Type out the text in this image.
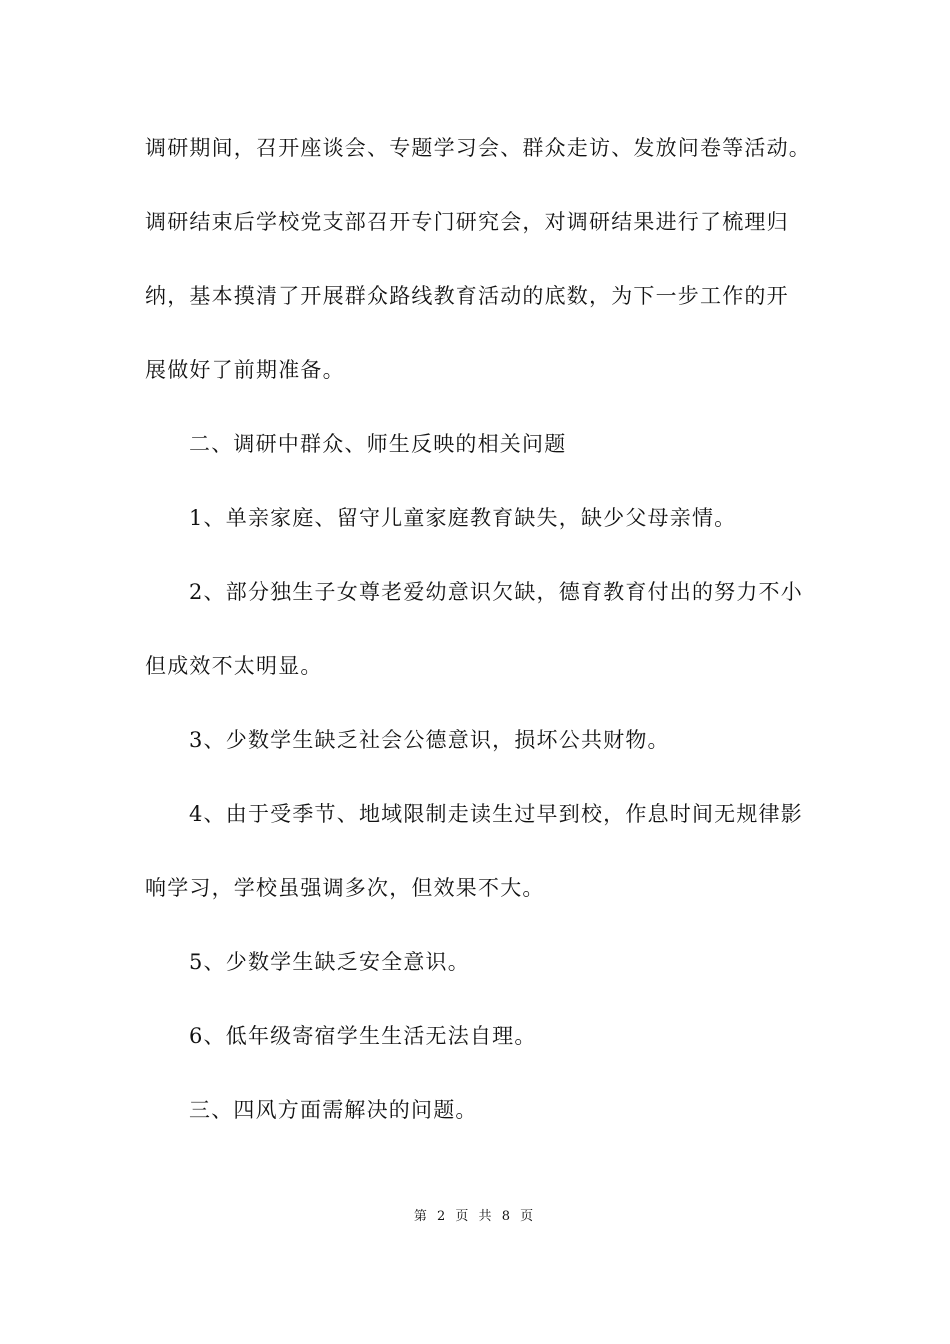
调研期间，召开座谈会、专题学习会、群众走访、发放问卷等活动。
调研结束后学校党支部召开专门研究会，对调研结果进行了梳理归
纳，基本摸清了开展群众路线教育活动的底数，为下一步工作的开
展做好了前期准备。
二、调研中群众、师生反映的相关问题
1、单亲家庭、留守儿童家庭教育缺失，缺少父母亲情。
2、部分独生子女尊老爱幼意识欠缺，德育教育付出的努力不小
但成效不太明显。
3、少数学生缺乏社会公德意识，损坏公共财物。
4、由于受季节、地域限制走读生过早到校，作息时间无规律影
响学习，学校虽强调多次，但效果不大。
5、少数学生缺乏安全意识。
6、低年级寄宿学生生活无法自理。
三、四风方面需解决的问题。
第 2 页 共 8 页
